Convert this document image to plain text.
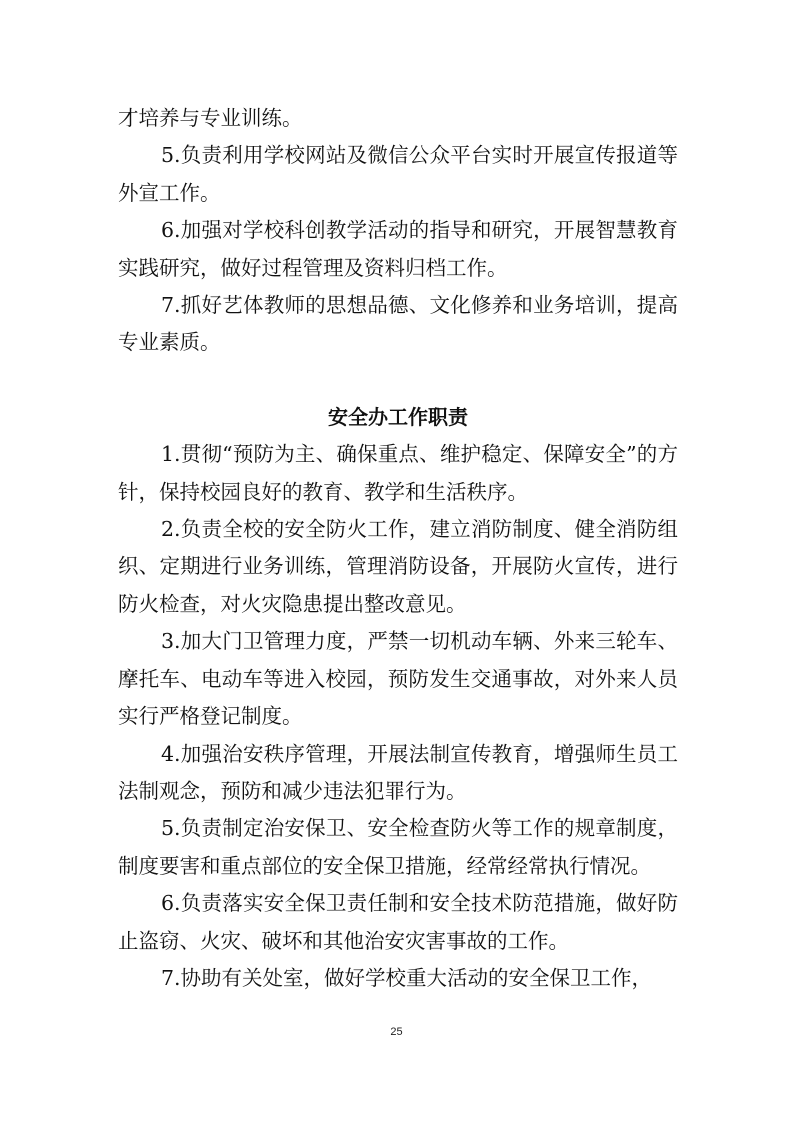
才培养与专业训练。

5.负责利用学校网站及微信公众平台实时开展宣传报道等外宣工作。

6.加强对学校科创教学活动的指导和研究，开展智慧教育实践研究，做好过程管理及资料归档工作。

7.抓好艺体教师的思想品德、文化修养和业务培训，提高专业素质。

安全办工作职责

1.贯彻“预防为主、确保重点、维护稳定、保障安全”的方针，保持校园良好的教育、教学和生活秩序。

2.负责全校的安全防火工作，建立消防制度、健全消防组织、定期进行业务训练，管理消防设备，开展防火宣传，进行防火检查，对火灾隐患提出整改意见。

3.加大门卫管理力度，严禁一切机动车辆、外来三轮车、摩托车、电动车等进入校园，预防发生交通事故，对外来人员实行严格登记制度。

4.加强治安秩序管理，开展法制宣传教育，增强师生员工法制观念，预防和减少违法犯罪行为。

5.负责制定治安保卫、安全检查防火等工作的规章制度，制度要害和重点部位的安全保卫措施，经常经常执行情况。

6.负责落实安全保卫责任制和安全技术防范措施，做好防止盗窃、火灾、破坏和其他治安灾害事故的工作。

7.协助有关处室，做好学校重大活动的安全保卫工作，

25
